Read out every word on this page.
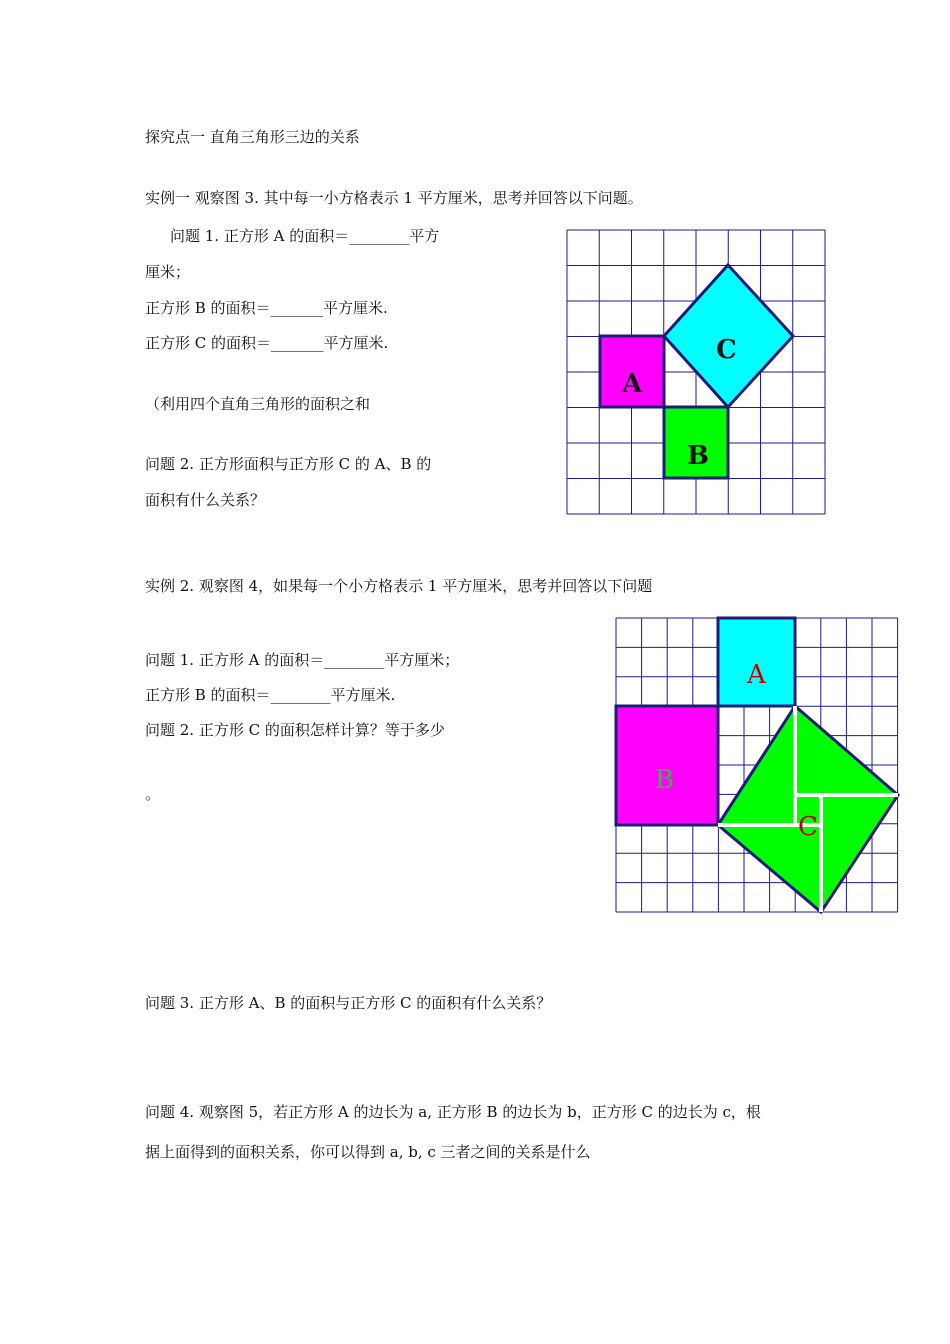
探究点一 直角三角形三边的关系
实例一 观察图 3. 其中每一小方格表示 1 平方厘米，思考并回答以下问题。
问题 1. 正方形 A 的面积＝________平方
厘米；
正方形 B 的面积＝_______平方厘米.
正方形 C 的面积＝_______平方厘米.
（利用四个直角三角形的面积之和
问题 2. 正方形面积与正方形 C 的 A、B 的
面积有什么关系？
A
B
C
实例 2. 观察图 4，如果每一个小方格表示 1 平方厘米，思考并回答以下问题
问题 1. 正方形 A 的面积＝________平方厘米；
正方形 B 的面积＝________平方厘米.
问题 2. 正方形 C 的面积怎样计算？等于多少
。
A
B
C
问题 3. 正方形 A、B 的面积与正方形 C 的面积有什么关系？
问题 4. 观察图 5，若正方形 A 的边长为 a, 正方形 B 的边长为 b，正方形 C 的边长为 c，根
据上面得到的面积关系，你可以得到 a, b, c 三者之间的关系是什么
